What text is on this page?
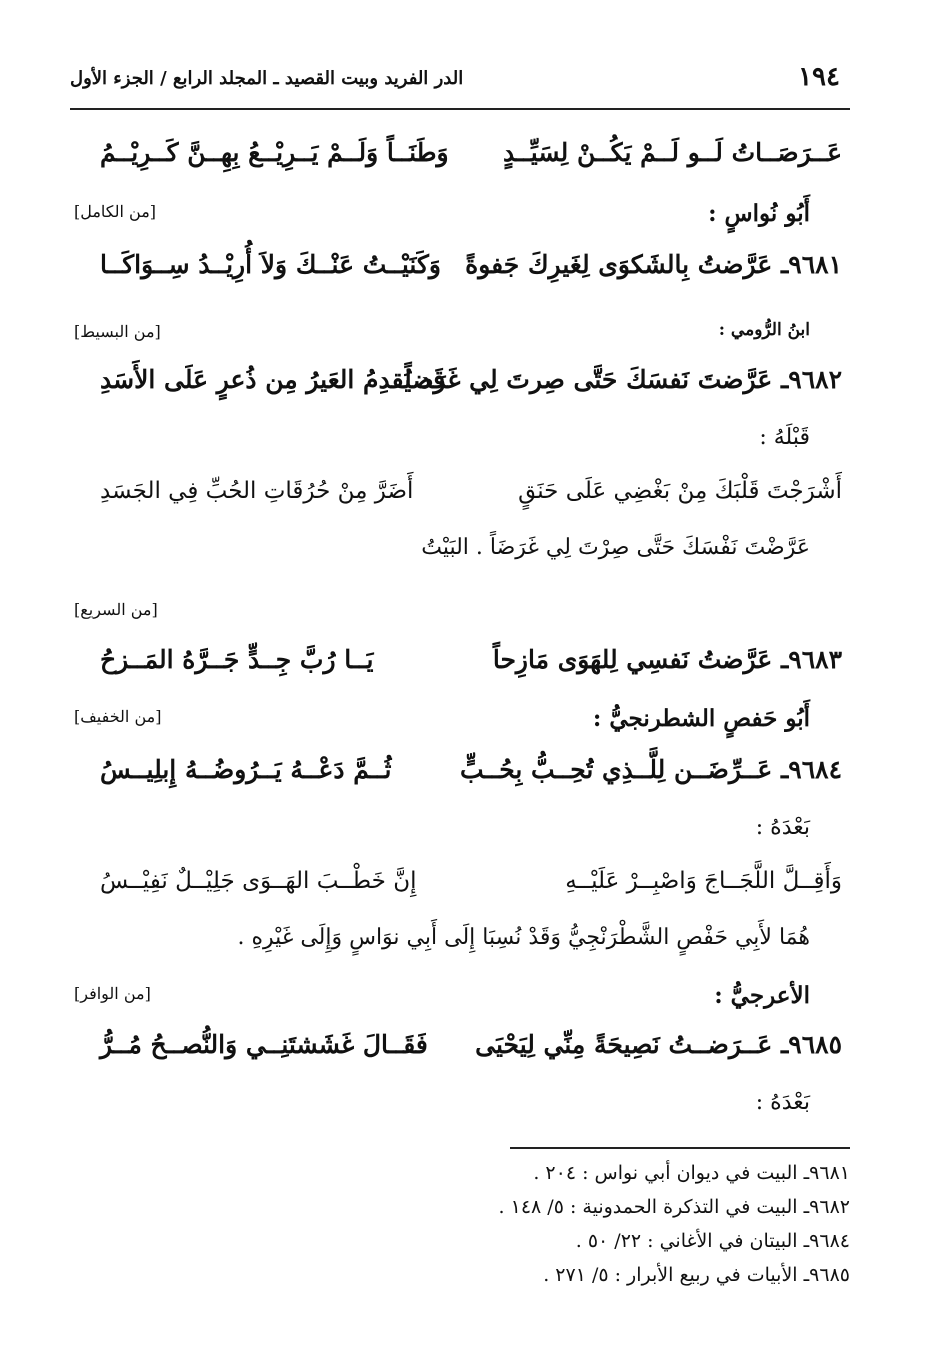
١٩٤
الدر الفريد وبيت القصيد ـ المجلد الرابع / الجزء الأول
عَــرَصَــاتُ لَــو لَــمْ يَكُــنْ لِسَيِّــدٍ
وَطَنَــاً وَلَــمْ يَــرِيْــعُ بِهِــنَّ كَــرِيْــمُ
أَبُو نُواسٍ :
[من الكامل]
٩٦٨١ـ عَرَّضتُ بِالشَكوَى لِغَيرِكَ جَفوةً
وَكَنَيْــتُ عَنْــكَ وَلاَ أُرِيْــدُ سِــوَاكَــا
ابنُ الرُّومي :
[من البسيط]
٩٦٨٢ـ عَرَّضتَ نَفسَكَ حَتَّى صِرتَ لِي غَرَضاً
قَد يُقدِمُ العَيرُ مِن ذُعرٍ عَلَى الأَسَدِ
قَبْلَهُ :
أَشْرَجْتَ قَلْبَكَ مِنْ بَغْضِي عَلَى حَنَقٍ
أَضَرَّ مِنْ حُرُقَاتِ الحُبِّ فِي الجَسَدِ
عَرَّضْتَ نَفْسَكَ حَتَّى صِرْتَ لِي غَرَضَاً . البَيْتُ
[من السريع]
٩٦٨٣ـ عَرَّضتُ نَفسِي لِلهَوَى مَازِحاً
يَــا رُبَّ جِــدٍّ جَــرَّهُ المَــزحُ
أَبُو حَفصٍ الشطرنجيُّ :
[من الخفيف]
٩٦٨٤ـ عَــرِّضَــن لِلَّــذِي تُحِــبُّ بِحُــبٍّ
ثُــمَّ دَعْــهُ يَــرُوضُــهُ إِبلِيــسُ
بَعْدَهُ :
وَأَقِــلَّ اللَّجَــاجَ وَاصْبِــرْ عَلَيْــهِ
إِنَّ خَطْــبَ الهَــوَى جَلِيْــلٌ نَفِيْــسُ
هُمَا لأَبِي حَفْصٍ الشَّطْرَنْجِيُّ وَقَدْ نُسِبَا إِلَى أَبِي نوَاسٍ وَإِلَى غَيْرِهِ .
الأعرجيُّ :
[من الوافر]
٩٦٨٥ـ عَــرَضــتُ نَصِيحَةً مِنِّي لِيَحْيَى
فَقَــالَ غَشَشتَنِــي وَالنُّصــحُ مُــرُّ
بَعْدَهُ :
٩٦٨١ـ البيت في ديوان أبي نواس : ٢٠٤ .
٩٦٨٢ـ البيت في التذكرة الحمدونية : ٥/ ١٤٨ .
٩٦٨٤ـ البيتان في الأغاني : ٢٢/ ٥٠ .
٩٦٨٥ـ الأبيات في ربيع الأبرار : ٥/ ٢٧١ .
